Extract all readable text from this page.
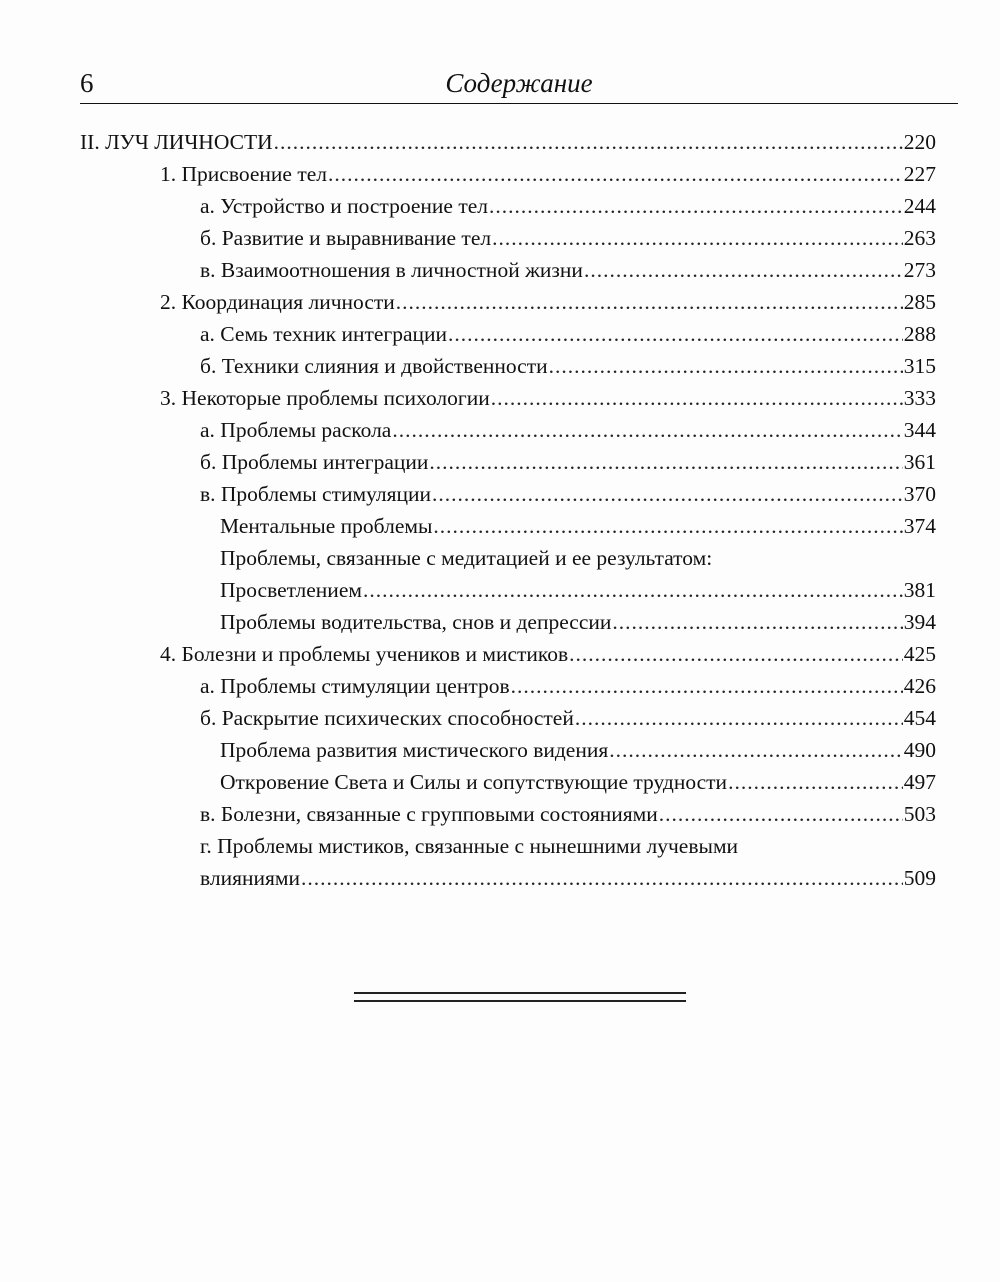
6	Содержание
II. ЛУЧ ЛИЧНОСТИ .....	220
1. Присвоение тел .....	227
а. Устройство и построение тел .....	244
б. Развитие и выравнивание тел .....	263
в. Взаимоотношения в личностной жизни .....	273
2. Координация личности .....	285
а. Семь техник интеграции .....	288
б. Техники слияния и двойственности .....	315
3. Некоторые проблемы психологии .....	333
а. Проблемы раскола .....	344
б. Проблемы интеграции .....	361
в. Проблемы стимуляции .....	370
Ментальные проблемы .....	374
Проблемы, связанные с медитацией и ее результатом:
Просветлением .....	381
Проблемы водительства, снов и депрессии .....	394
4. Болезни и проблемы учеников и мистиков .....	425
а. Проблемы стимуляции центров .....	426
б. Раскрытие психических способностей .....	454
Проблема развития мистического видения .....	490
Откровение Света и Силы и сопутствующие трудности .....	497
в. Болезни, связанные с групповыми состояниями .....	503
г. Проблемы мистиков, связанные с нынешними лучевыми
влияниями .....	509
